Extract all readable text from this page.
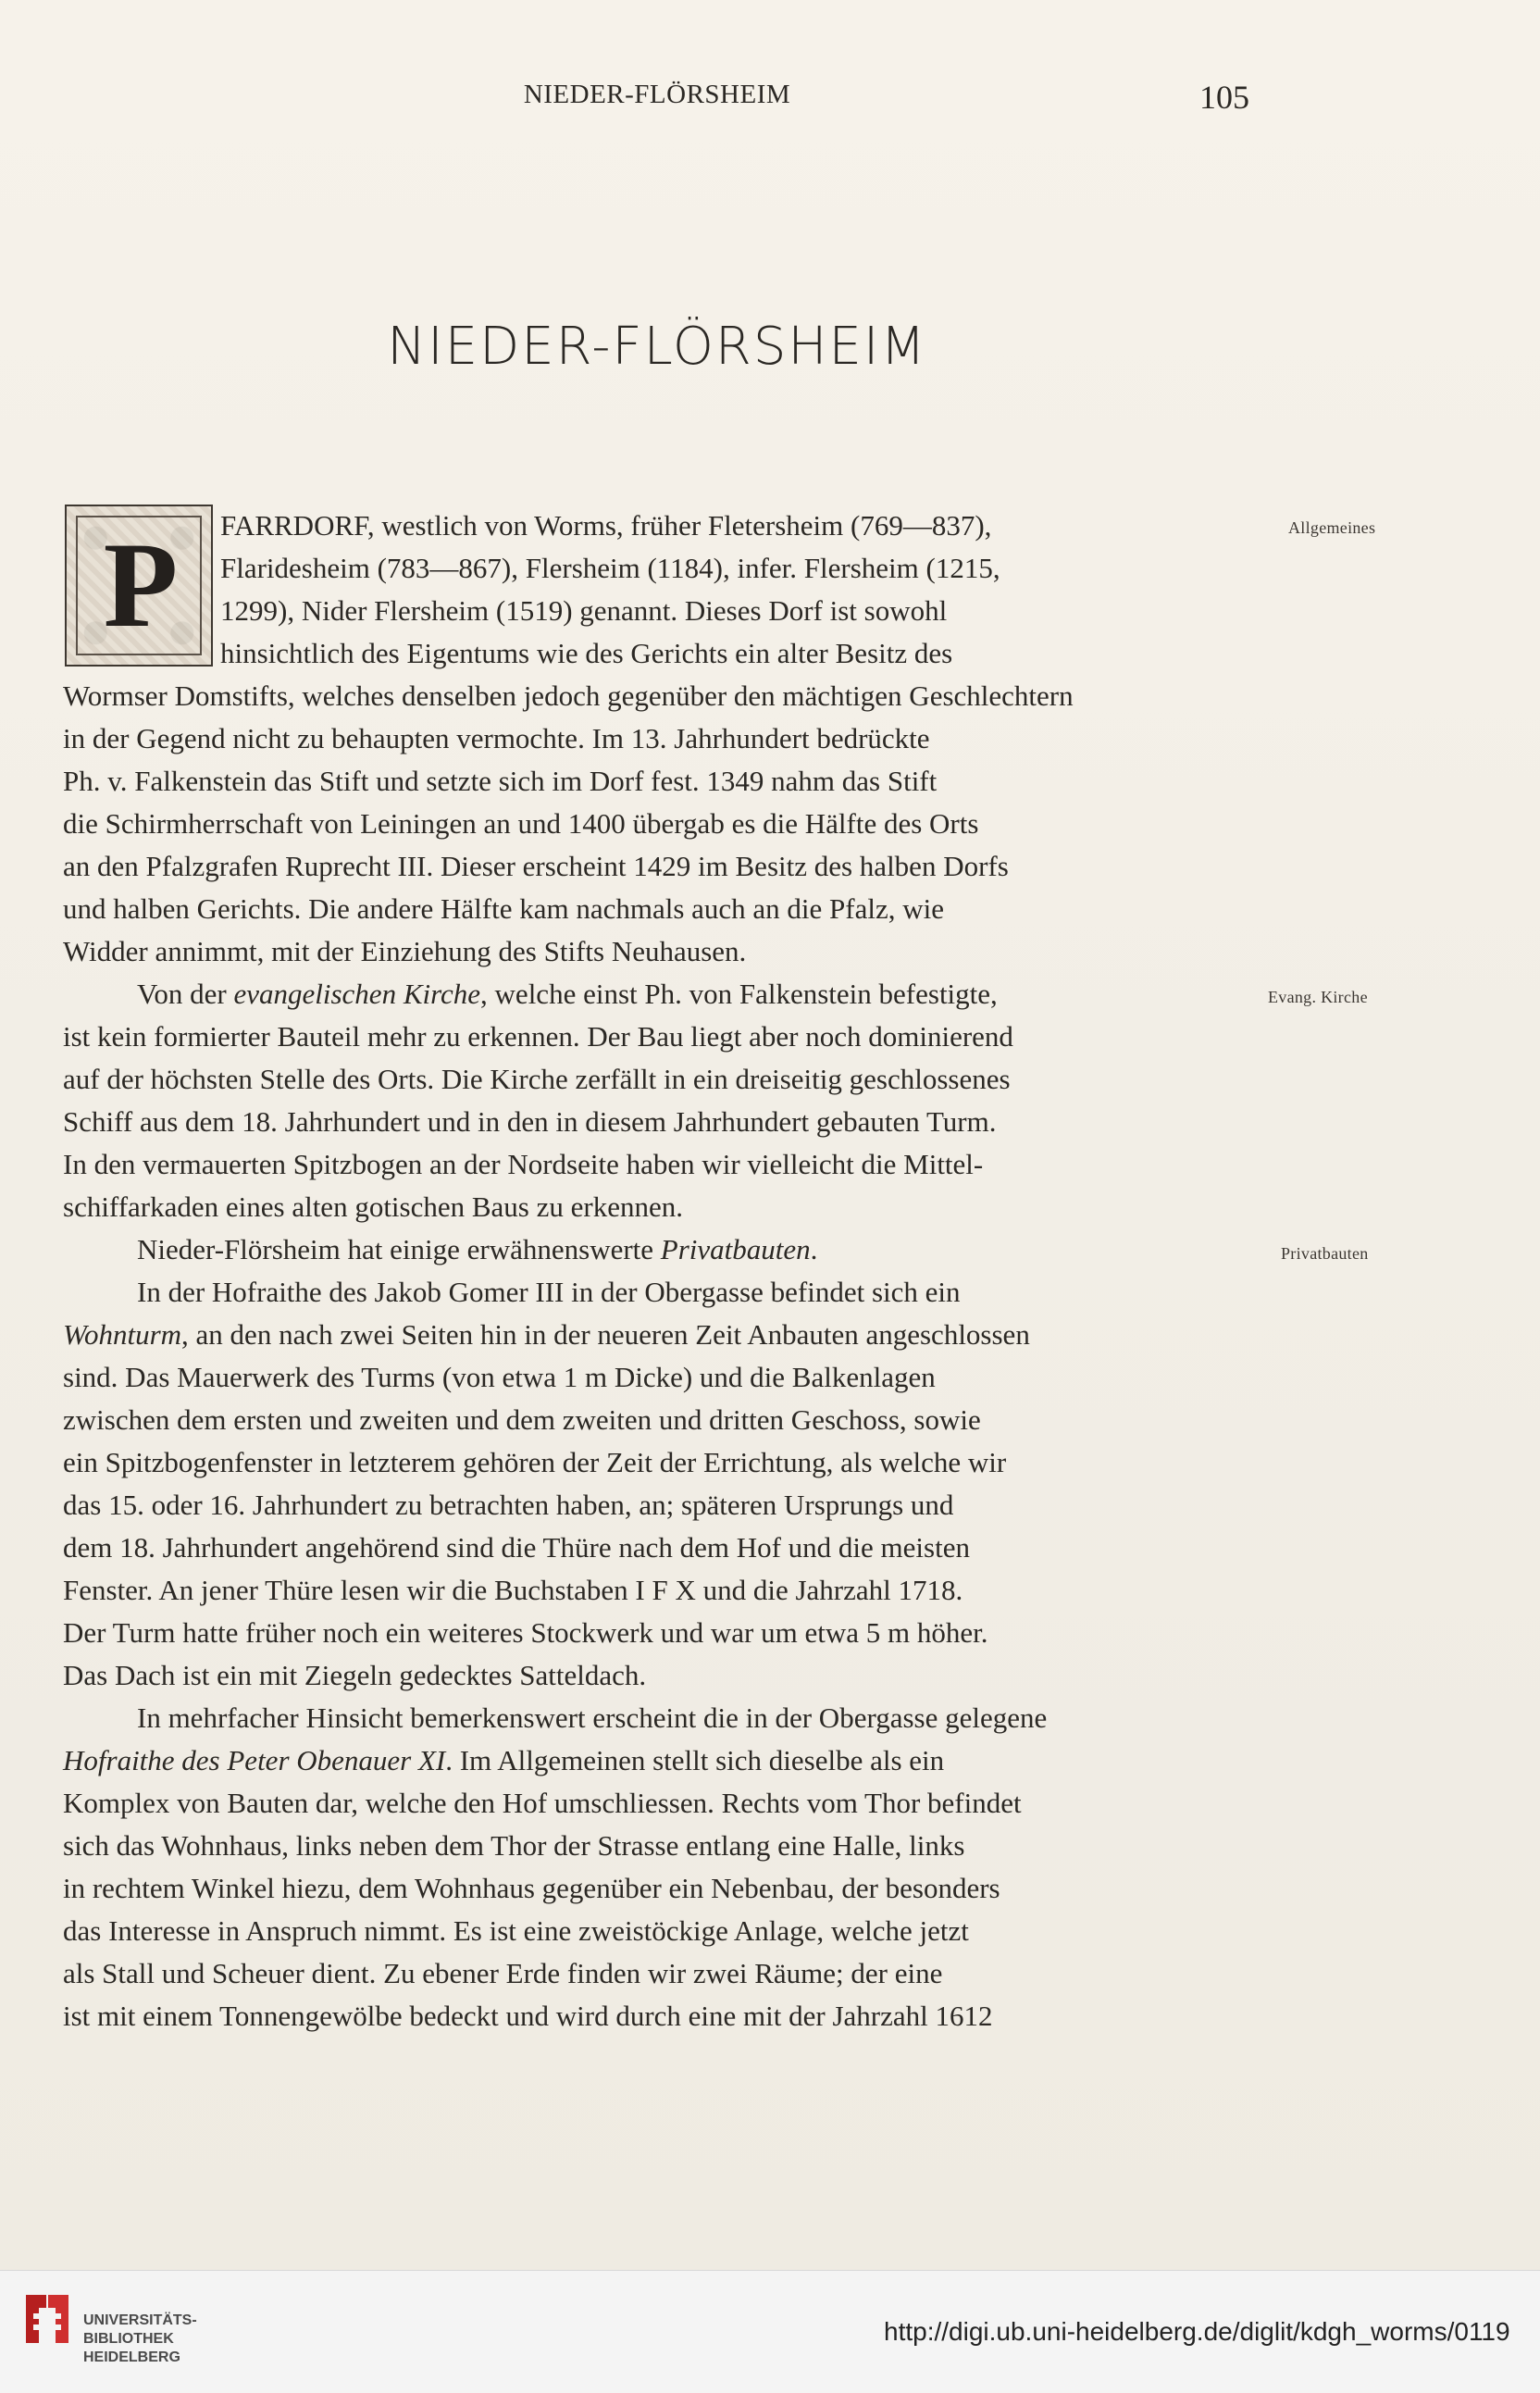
NIEDER-FLÖRSHEIM	105
NIEDER-FLÖRSHEIM
P	FARRDORF, westlich von Worms, früher Fletersheim (769—837),
Flaridesheim (783—867), Flersheim (1184), infer. Flersheim (1215,
1299), Nider Flersheim (1519) genannt. Dieses Dorf ist sowohl
hinsichtlich des Eigentums wie des Gerichts ein alter Besitz des
Wormser Domstifts, welches denselben jedoch gegenüber den mächtigen Geschlechtern
in der Gegend nicht zu behaupten vermochte. Im 13. Jahrhundert bedrückte
Ph. v. Falkenstein das Stift und setzte sich im Dorf fest. 1349 nahm das Stift
die Schirmherrschaft von Leiningen an und 1400 übergab es die Hälfte des Orts
an den Pfalzgrafen Ruprecht III. Dieser erscheint 1429 im Besitz des halben Dorfs
und halben Gerichts. Die andere Hälfte kam nachmals auch an die Pfalz, wie
Widder annimmt, mit der Einziehung des Stifts Neuhausen.
Von der evangelischen Kirche, welche einst Ph. von Falkenstein befestigte,
ist kein formierter Bauteil mehr zu erkennen. Der Bau liegt aber noch dominierend
auf der höchsten Stelle des Orts. Die Kirche zerfällt in ein dreiseitig geschlossenes
Schiff aus dem 18. Jahrhundert und in den in diesem Jahrhundert gebauten Turm.
In den vermauerten Spitzbogen an der Nordseite haben wir vielleicht die Mittel-
schiffarkaden eines alten gotischen Baus zu erkennen.
Nieder-Flörsheim hat einige erwähnenswerte Privatbauten.
In der Hofraithe des Jakob Gomer III in der Obergasse befindet sich ein
Wohnturm, an den nach zwei Seiten hin in der neueren Zeit Anbauten angeschlossen
sind. Das Mauerwerk des Turms (von etwa 1 m Dicke) und die Balkenlagen
zwischen dem ersten und zweiten und dem zweiten und dritten Geschoss, sowie
ein Spitzbogenfenster in letzterem gehören der Zeit der Errichtung, als welche wir
das 15. oder 16. Jahrhundert zu betrachten haben, an; späteren Ursprungs und
dem 18. Jahrhundert angehörend sind die Thüre nach dem Hof und die meisten
Fenster. An jener Thüre lesen wir die Buchstaben I F X und die Jahrzahl 1718.
Der Turm hatte früher noch ein weiteres Stockwerk und war um etwa 5 m höher.
Das Dach ist ein mit Ziegeln gedecktes Satteldach.
In mehrfacher Hinsicht bemerkenswert erscheint die in der Obergasse gelegene
Hofraithe des Peter Obenauer XI. Im Allgemeinen stellt sich dieselbe als ein
Komplex von Bauten dar, welche den Hof umschliessen. Rechts vom Thor befindet
sich das Wohnhaus, links neben dem Thor der Strasse entlang eine Halle, links
in rechtem Winkel hiezu, dem Wohnhaus gegenüber ein Nebenbau, der besonders
das Interesse in Anspruch nimmt. Es ist eine zweistöckige Anlage, welche jetzt
als Stall und Scheuer dient. Zu ebener Erde finden wir zwei Räume; der eine
ist mit einem Tonnengewölbe bedeckt und wird durch eine mit der Jahrzahl 1612
Allgemeines
Evang. Kirche
Privatbauten
UNIVERSITÄTS-
BIBLIOTHEK
HEIDELBERG
http://digi.ub.uni-heidelberg.de/diglit/kdgh_worms/0119
